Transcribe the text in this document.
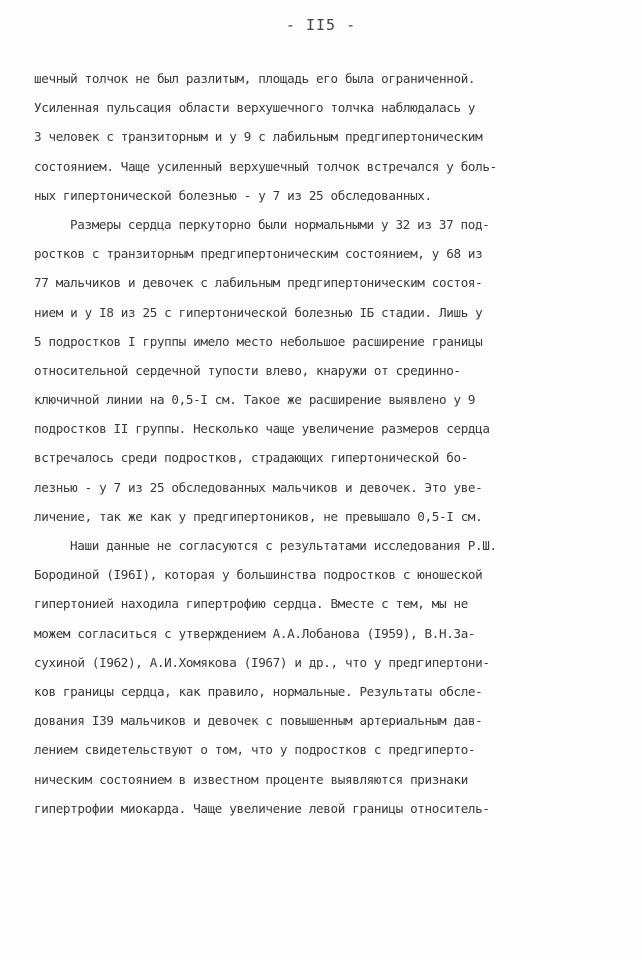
- II5 -
шечный толчок не был разлитым, площадь его была ограниченной.
Усиленная пульсация области верхушечного толчка наблюдалась у
3 человек с транзиторным и у 9 с лабильным предгипертоническим
состоянием. Чаще усиленный верхушечный толчок встречался у боль-
ных гипертонической болезнью - у 7 из 25 обследованных.
Размеры сердца перкуторно были нормальными у 32 из 37 под-
ростков с транзиторным предгипертоническим состоянием, у 68 из
77 мальчиков и девочек с лабильным предгипертоническим состоя-
нием и у I8 из 25 с гипертонической болезнью IБ стадии. Лишь у
5 подростков I группы имело место небольшое расширение границы
относительной сердечной тупости влево, кнаружи от срединно-
ключичной линии на 0,5-I см. Такое же расширение выявлено у 9
подростков II группы. Несколько чаще увеличение размеров сердца
встречалось среди подростков, страдающих гипертонической бо-
лезнью - у 7 из 25 обследованных мальчиков и девочек. Это уве-
личение, так же как у предгипертоников, не превышало 0,5-I см.
Наши данные не согласуются с результатами исследования Р.Ш.
Бородиной (I96I), которая у большинства подростков с юношеской
гипертонией находила гипертрофию сердца. Вместе с тем, мы не
можем согласиться с утверждением А.А.Лобанова (I959), В.Н.За-
сухиной (I962), А.И.Хомякова (I967) и др., что у предгипертони-
ков границы сердца, как правило, нормальные. Результаты обсле-
дования I39 мальчиков и девочек с повышенным артериальным дав-
лением свидетельствуют о том, что у подростков с предгиперто-
ническим состоянием в известном проценте выявляются признаки
гипертрофии миокарда. Чаще увеличение левой границы относитель-
